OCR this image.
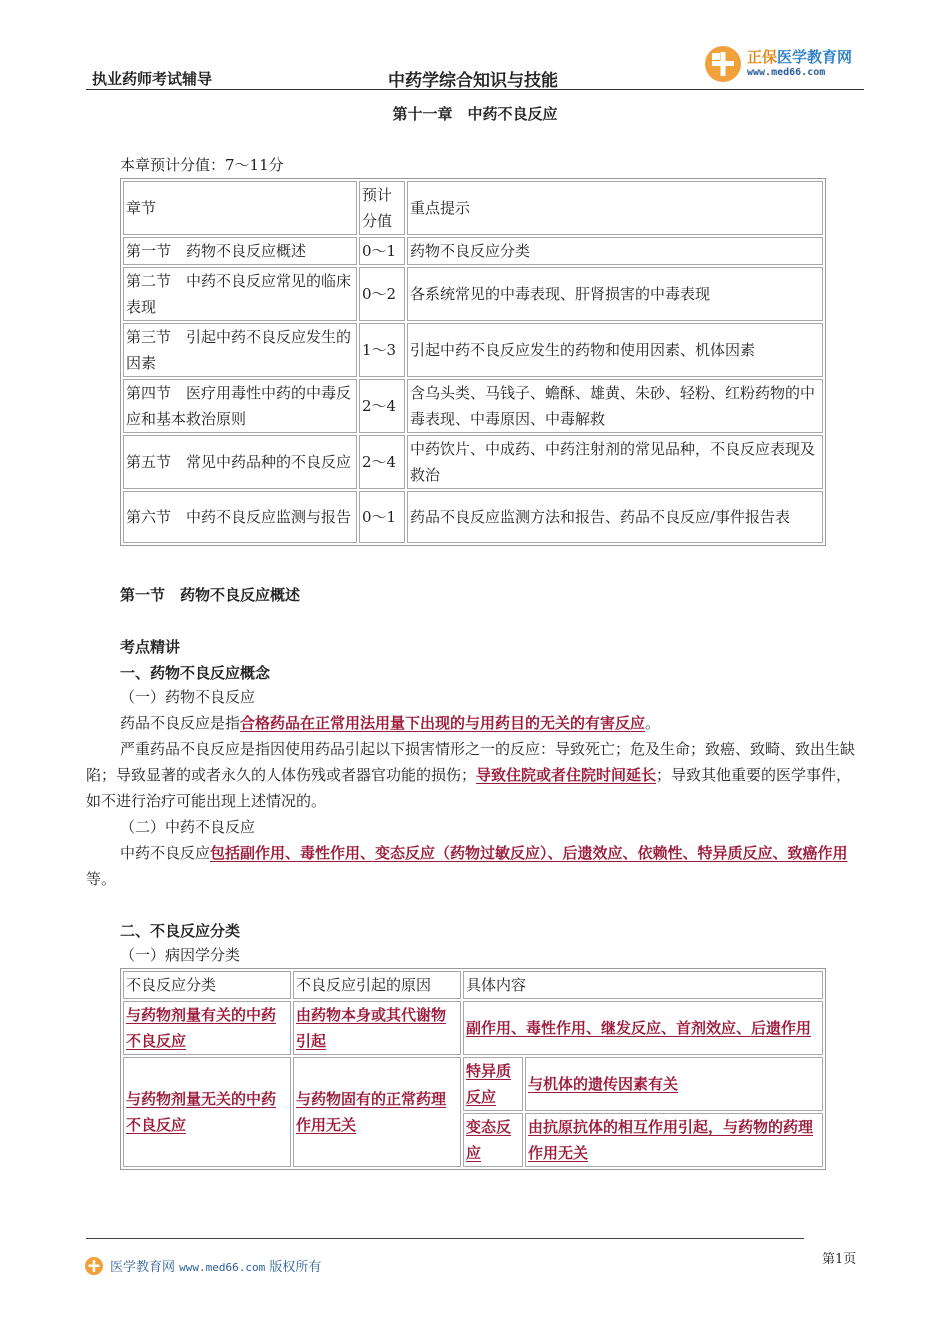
执业药师考试辅导	中药学综合知识与技能
正保医学教育网
www.med66.com
第十一章　中药不良反应
本章预计分值：7～11分
章节	预计分值	重点提示
第一节　药物不良反应概述	0～1	药物不良反应分类
第二节　中药不良反应常见的临床表现	0～2	各系统常见的中毒表现、肝肾损害的中毒表现
第三节　引起中药不良反应发生的因素	1～3	引起中药不良反应发生的药物和使用因素、机体因素
第四节　医疗用毒性中药的中毒反应和基本救治原则	2～4	含乌头类、马钱子、蟾酥、雄黄、朱砂、轻粉、红粉药物的中毒表现、中毒原因、中毒解救
第五节　常见中药品种的不良反应	2～4	中药饮片、中成药、中药注射剂的常见品种，不良反应表现及救治
第六节　中药不良反应监测与报告	0～1	药品不良反应监测方法和报告、药品不良反应/事件报告表
第一节　药物不良反应概述
考点精讲
一、药物不良反应概念
（一）药物不良反应
药品不良反应是指合格药品在正常用法用量下出现的与用药目的无关的有害反应。
严重药品不良反应是指因使用药品引起以下损害情形之一的反应：导致死亡；危及生命；致癌、致畸、致出生缺陷；导致显著的或者永久的人体伤残或者器官功能的损伤；导致住院或者住院时间延长；导致其他重要的医学事件，如不进行治疗可能出现上述情况的。
（二）中药不良反应
中药不良反应包括副作用、毒性作用、变态反应（药物过敏反应）、后遗效应、依赖性、特异质反应、致癌作用等。
二、不良反应分类
（一）病因学分类
不良反应分类	不良反应引起的原因	具体内容	
与药物剂量有关的中药不良反应	由药物本身或其代谢物引起	副作用、毒性作用、继发反应、首剂效应、后遗作用	
与药物剂量无关的中药不良反应	与药物固有的正常药理作用无关	特异质反应	与机体的遗传因素有关
		变态反应	由抗原抗体的相互作用引起，与药物的药理作用无关
医学教育网 www.med66.com 版权所有
第1页
